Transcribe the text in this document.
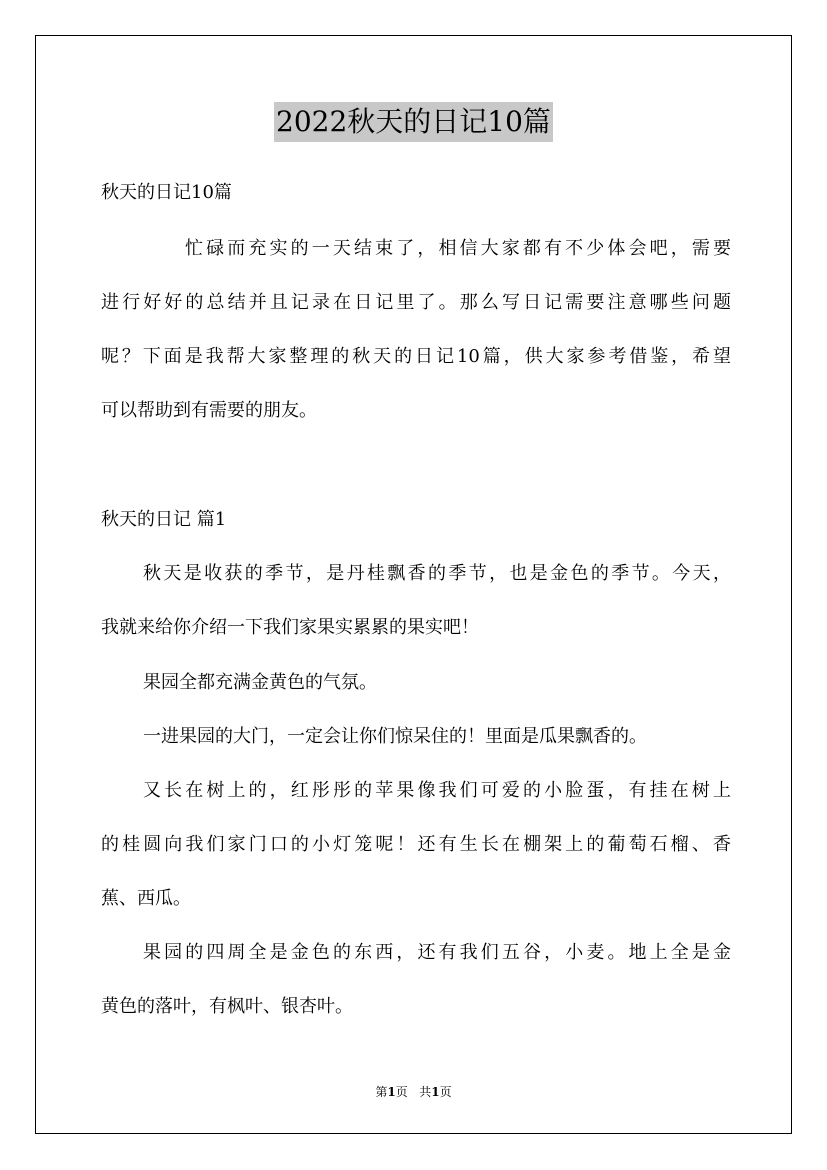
2022秋天的日记10篇

秋天的日记10篇

忙碌而充实的一天结束了，相信大家都有不少体会吧，需要

进行好好的总结并且记录在日记里了。那么写日记需要注意哪些问题

呢？下面是我帮大家整理的秋天的日记10篇，供大家参考借鉴，希望

可以帮助到有需要的朋友。

秋天的日记 篇1

秋天是收获的季节，是丹桂飘香的季节，也是金色的季节。今天，

我就来给你介绍一下我们家果实累累的果实吧！

果园全都充满金黄色的气氛。

一进果园的大门，一定会让你们惊呆住的！里面是瓜果飘香的。

又长在树上的，红彤彤的苹果像我们可爱的小脸蛋，有挂在树上

的桂圆向我们家门口的小灯笼呢！还有生长在棚架上的葡萄石榴、香

蕉、西瓜。

果园的四周全是金色的东西，还有我们五谷，小麦。地上全是金

黄色的落叶，有枫叶、银杏叶。

第1页   共1页
